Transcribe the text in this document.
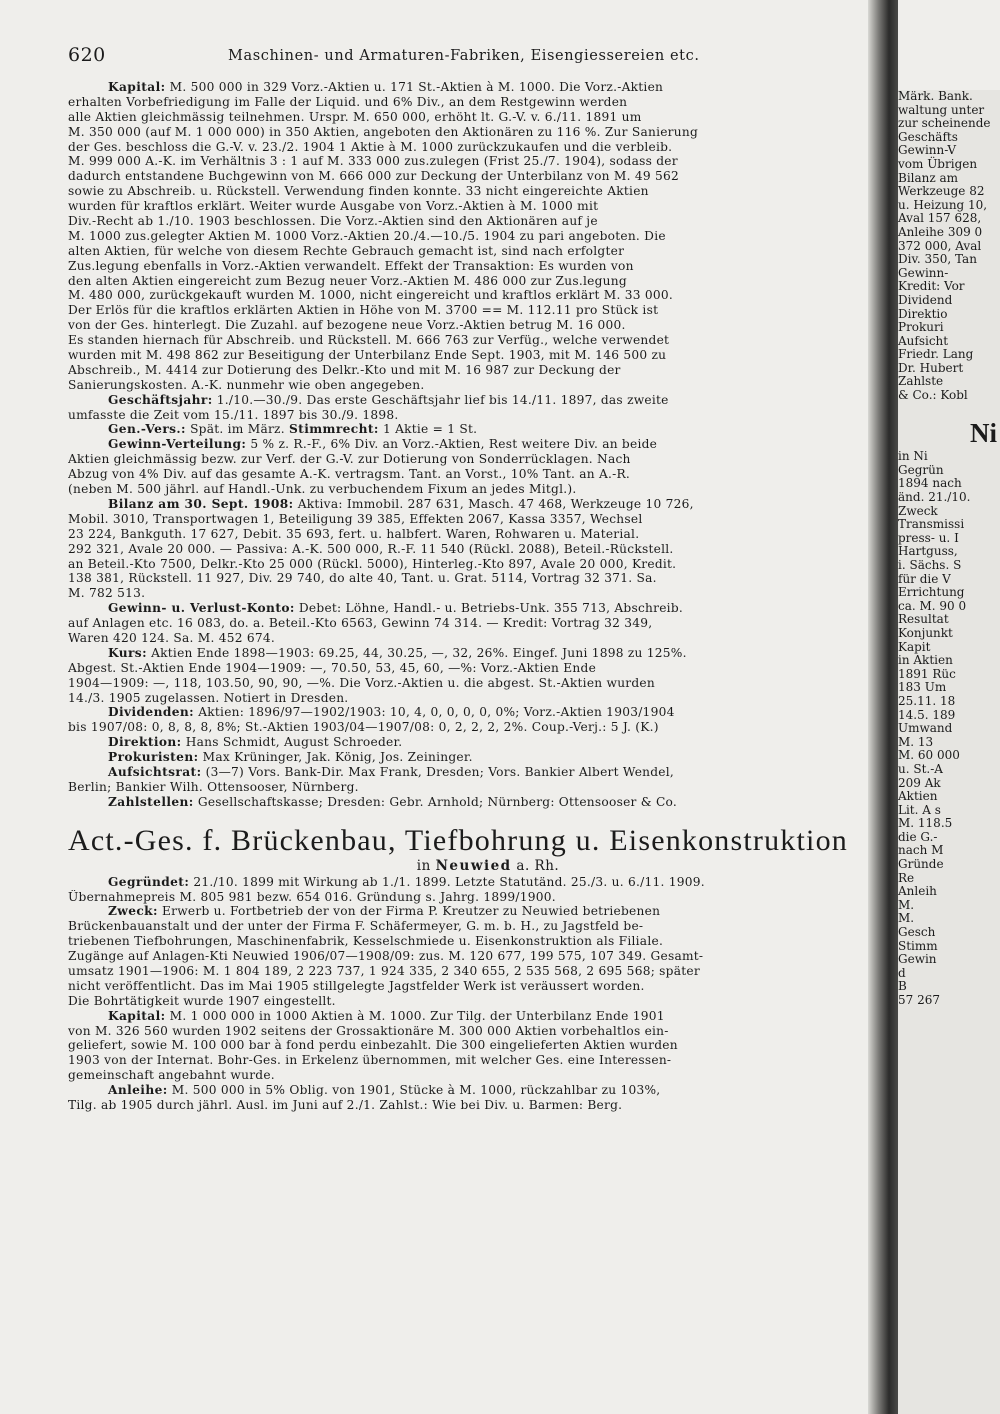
620	Maschinen- und Armaturen-Fabriken, Eisengiessereien etc.
Kapital: M. 500 000 in 329 Vorz.-Aktien u. 171 St.-Aktien à M. 1000. Die Vorz.-Aktien
erhalten Vorbefriedigung im Falle der Liquid. und 6% Div., an dem Restgewinn werden
alle Aktien gleichmässig teilnehmen. Urspr. M. 650 000, erhöht lt. G.-V. v. 6./11. 1891 um
M. 350 000 (auf M. 1 000 000) in 350 Aktien, angeboten den Aktionären zu 116 %. Zur Sanierung
der Ges. beschloss die G.-V. v. 23./2. 1904 1 Aktie à M. 1000 zurückzukaufen und die verbleib.
M. 999 000 A.-K. im Verhältnis 3 : 1 auf M. 333 000 zus.zulegen (Frist 25./7. 1904), sodass der
dadurch entstandene Buchgewinn von M. 666 000 zur Deckung der Unterbilanz von M. 49 562
sowie zu Abschreib. u. Rückstell. Verwendung finden konnte. 33 nicht eingereichte Aktien
wurden für kraftlos erklärt. Weiter wurde Ausgabe von Vorz.-Aktien à M. 1000 mit
Div.-Recht ab 1./10. 1903 beschlossen. Die Vorz.-Aktien sind den Aktionären auf je
M. 1000 zus.gelegter Aktien M. 1000 Vorz.-Aktien 20./4.—10./5. 1904 zu pari angeboten. Die
alten Aktien, für welche von diesem Rechte Gebrauch gemacht ist, sind nach erfolgter
Zus.legung ebenfalls in Vorz.-Aktien verwandelt. Effekt der Transaktion: Es wurden von
den alten Aktien eingereicht zum Bezug neuer Vorz.-Aktien M. 486 000 zur Zus.legung
M. 480 000, zurückgekauft wurden M. 1000, nicht eingereicht und kraftlos erklärt M. 33 000.
Der Erlös für die kraftlos erklärten Aktien in Höhe von M. 3700 == M. 112.11 pro Stück ist
von der Ges. hinterlegt. Die Zuzahl. auf bezogene neue Vorz.-Aktien betrug M. 16 000.
Es standen hiernach für Abschreib. und Rückstell. M. 666 763 zur Verfüg., welche verwendet
wurden mit M. 498 862 zur Beseitigung der Unterbilanz Ende Sept. 1903, mit M. 146 500 zu
Abschreib., M. 4414 zur Dotierung des Delkr.-Kto und mit M. 16 987 zur Deckung der
Sanierungskosten. A.-K. nunmehr wie oben angegeben.
Geschäftsjahr: 1./10.—30./9. Das erste Geschäftsjahr lief bis 14./11. 1897, das zweite
umfasste die Zeit vom 15./11. 1897 bis 30./9. 1898.
Gen.-Vers.: Spät. im März. Stimmrecht: 1 Aktie = 1 St.
Gewinn-Verteilung: 5 % z. R.-F., 6% Div. an Vorz.-Aktien, Rest weitere Div. an beide
Aktien gleichmässig bezw. zur Verf. der G.-V. zur Dotierung von Sonderrücklagen. Nach
Abzug von 4% Div. auf das gesamte A.-K. vertragsm. Tant. an Vorst., 10% Tant. an A.-R.
(neben M. 500 jährl. auf Handl.-Unk. zu verbuchendem Fixum an jedes Mitgl.).
Bilanz am 30. Sept. 1908: Aktiva: Immobil. 287 631, Masch. 47 468, Werkzeuge 10 726,
Mobil. 3010, Transportwagen 1, Beteiligung 39 385, Effekten 2067, Kassa 3357, Wechsel
23 224, Bankguth. 17 627, Debit. 35 693, fert. u. halbfert. Waren, Rohwaren u. Material.
292 321, Avale 20 000. — Passiva: A.-K. 500 000, R.-F. 11 540 (Rückl. 2088), Beteil.-Rückstell.
an Beteil.-Kto 7500, Delkr.-Kto 25 000 (Rückl. 5000), Hinterleg.-Kto 897, Avale 20 000, Kredit.
138 381, Rückstell. 11 927, Div. 29 740, do alte 40, Tant. u. Grat. 5114, Vortrag 32 371. Sa.
M. 782 513.
Gewinn- u. Verlust-Konto: Debet: Löhne, Handl.- u. Betriebs-Unk. 355 713, Abschreib.
auf Anlagen etc. 16 083, do. a. Beteil.-Kto 6563, Gewinn 74 314. — Kredit: Vortrag 32 349,
Waren 420 124. Sa. M. 452 674.
Kurs: Aktien Ende 1898—1903: 69.25, 44, 30.25, —, 32, 26%. Eingef. Juni 1898 zu 125%.
Abgest. St.-Aktien Ende 1904—1909: —, 70.50, 53, 45, 60, —%: Vorz.-Aktien Ende
1904—1909: —, 118, 103.50, 90, 90, —%. Die Vorz.-Aktien u. die abgest. St.-Aktien wurden
14./3. 1905 zugelassen. Notiert in Dresden.
Dividenden: Aktien: 1896/97—1902/1903: 10, 4, 0, 0, 0, 0, 0%; Vorz.-Aktien 1903/1904
bis 1907/08: 0, 8, 8, 8, 8%; St.-Aktien 1903/04—1907/08: 0, 2, 2, 2, 2%. Coup.-Verj.: 5 J. (K.)
Direktion: Hans Schmidt, August Schroeder.
Prokuristen: Max Krüninger, Jak. König, Jos. Zeininger.
Aufsichtsrat: (3—7) Vors. Bank-Dir. Max Frank, Dresden; Vors. Bankier Albert Wendel,
Berlin; Bankier Wilh. Ottensooser, Nürnberg.
Zahlstellen: Gesellschaftskasse; Dresden: Gebr. Arnhold; Nürnberg: Ottensooser & Co.
Act.-Ges. f. Brückenbau, Tiefbohrung u. Eisenkonstruktion
in Neuwied a. Rh.
Gegründet: 21./10. 1899 mit Wirkung ab 1./1. 1899. Letzte Statutänd. 25./3. u. 6./11. 1909.
Übernahmepreis M. 805 981 bezw. 654 016. Gründung s. Jahrg. 1899/1900.
Zweck: Erwerb u. Fortbetrieb der von der Firma P. Kreutzer zu Neuwied betriebenen
Brückenbauanstalt und der unter der Firma F. Schäfermeyer, G. m. b. H., zu Jagstfeld be-
triebenen Tiefbohrungen, Maschinenfabrik, Kesselschmiede u. Eisenkonstruktion als Filiale.
Zugänge auf Anlagen-Kti Neuwied 1906/07—1908/09: zus. M. 120 677, 199 575, 107 349. Gesamt-
umsatz 1901—1906: M. 1 804 189, 2 223 737, 1 924 335, 2 340 655, 2 535 568, 2 695 568; später
nicht veröffentlicht. Das im Mai 1905 stillgelegte Jagstfelder Werk ist veräussert worden.
Die Bohrtätigkeit wurde 1907 eingestellt.
Kapital: M. 1 000 000 in 1000 Aktien à M. 1000. Zur Tilg. der Unterbilanz Ende 1901
von M. 326 560 wurden 1902 seitens der Grossaktionäre M. 300 000 Aktien vorbehaltlos ein-
geliefert, sowie M. 100 000 bar à fond perdu einbezahlt. Die 300 eingelieferten Aktien wurden
1903 von der Internat. Bohr-Ges. in Erkelenz übernommen, mit welcher Ges. eine Interessen-
gemeinschaft angebahnt wurde.
Anleihe: M. 500 000 in 5% Oblig. von 1901, Stücke à M. 1000, rückzahlbar zu 103%,
Tilg. ab 1905 durch jährl. Ausl. im Juni auf 2./1. Zahlst.: Wie bei Div. u. Barmen: Berg.
Märk. Bank.
waltung unter
zur scheinende
Geschäfts
Gewinn-V
vom Übrigen
Bilanz am
Werkzeuge 82
u. Heizung 10,
Aval 157 628,
Anleihe 309 0
372 000, Aval
Div. 350, Tan
Gewinn-
Kredit: Vor
Dividend
Direktio
Prokuri
Aufsicht
Friedr. Lang
Dr. Hubert
Zahlste
& Co.: Kobl
Ni
in Ni
Gegrün
1894 nach
änd. 21./10.
Zweck
Transmissi
press- u. I
Hartguss,
i. Sächs. S
für die V
Errichtung
ca. M. 90 0
Resultat
Konjunkt
Kapit
in Aktien
1891 Rüc
183 Um
25.11. 18
14.5. 189
Umwand
M. 13
M. 60 000
u. St.-A
209 Ak
Aktien
Lit. A s
M. 118.5
die G.-
nach M
Gründe
Re
Anleih
M.
M.
Gesch
Stimm
Gewin
d
B
57 267
